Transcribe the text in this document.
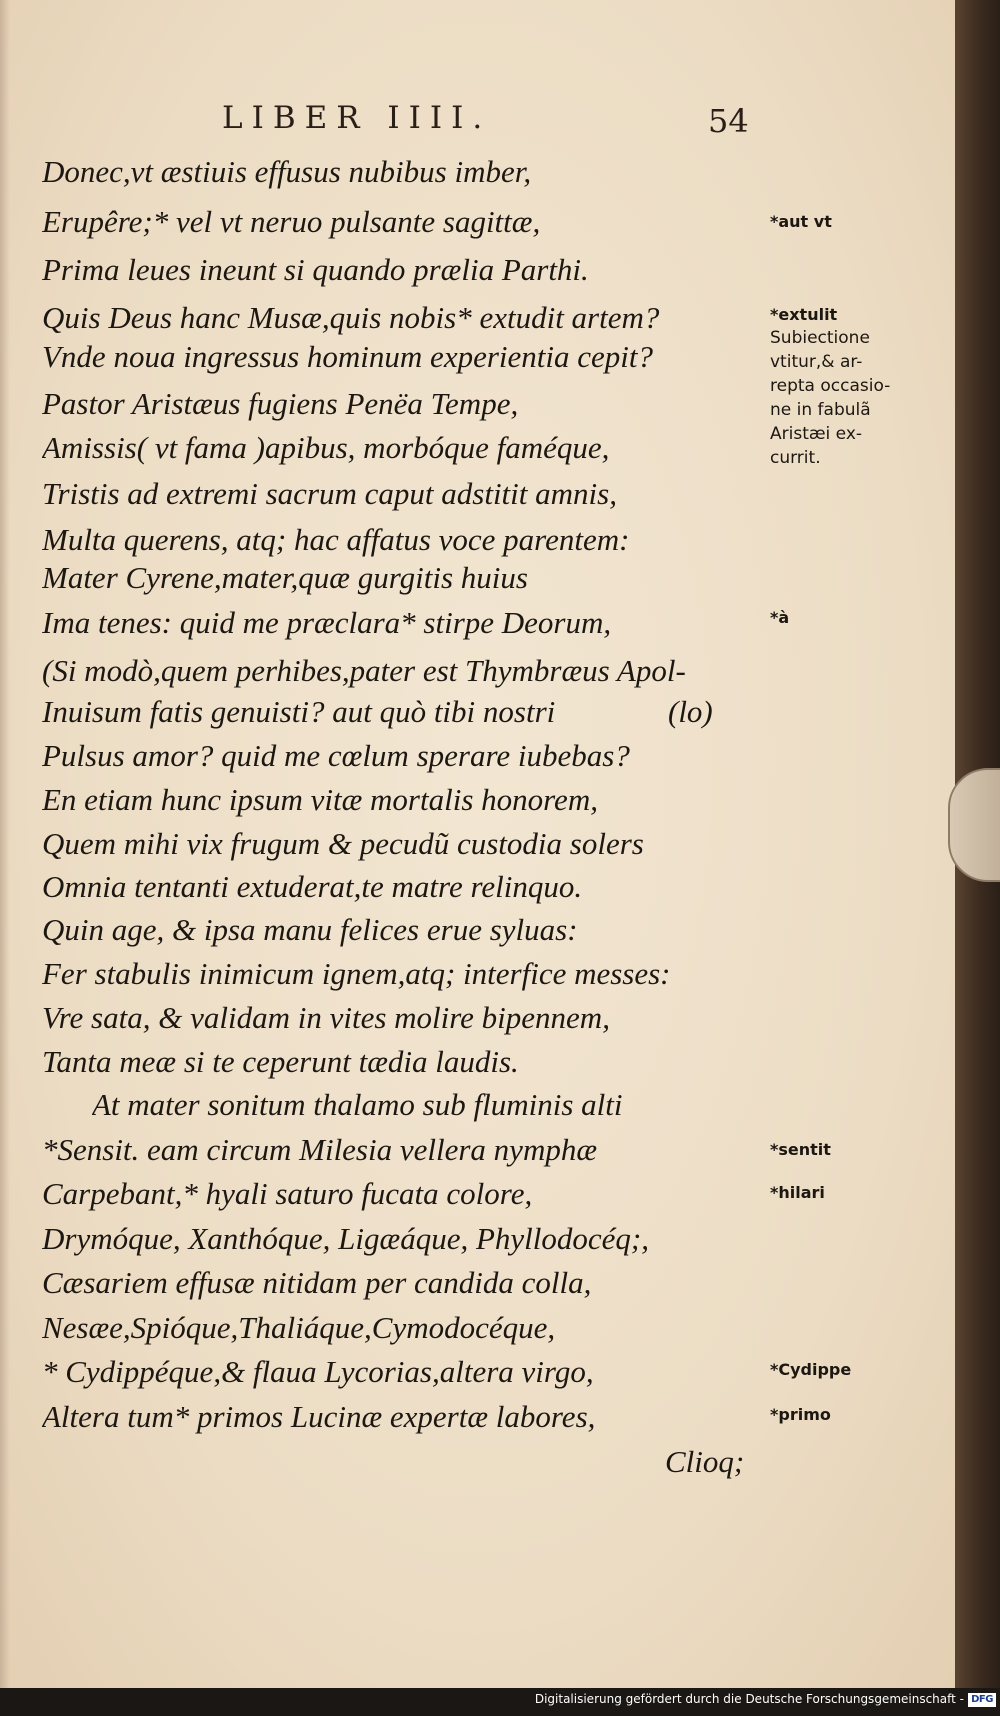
LIBER IIII.	54
Donec,vt æstiuis effusus nubibus imber,
Erupêre;* vel vt neruo pulsante sagittæ,
Prima leues ineunt si quando prælia Parthi.
Quis Deus hanc Musæ,quis nobis* extudit artem?
Vnde noua ingressus hominum experientia cepit?
Pastor Aristæus fugiens Penëa Tempe,
Amissis( vt fama )apibus, morbóque faméque,
Tristis ad extremi sacrum caput adstitit amnis,
Multa querens, atq; hac affatus voce parentem:
Mater Cyrene,mater,quæ gurgitis huius
Ima tenes: quid me præclara* stirpe Deorum,
(Si modò,quem perhibes,pater est Thymbræus Apol-
Inuisum fatis genuisti? aut quò tibi nostri	(lo)
Pulsus amor? quid me cœlum sperare iubebas?
En etiam hunc ipsum vitæ mortalis honorem,
Quem mihi vix frugum & pecudũ custodia solers
Omnia tentanti extuderat,te matre relinquo.
Quin age, & ipsa manu felices erue syluas:
Fer stabulis inimicum ignem,atq; interfice messes:
Vre sata, & validam in vites molire bipennem,
Tanta meæ si te ceperunt tædia laudis.
At mater sonitum thalamo sub fluminis alti
*Sensit. eam circum Milesia vellera nymphæ
Carpebant,* hyali saturo fucata colore,
Drymóque, Xanthóque, Ligæáque, Phyllodocéq;,
Cæsariem effusæ nitidam per candida colla,
Nesæe,Spióque,Thaliáque,Cymodocéque,
* Cydippéque,& flaua Lycorias,altera virgo,
Altera tum* primos Lucinæ expertæ labores,
Clioq;
*aut vt
*extulit
Subiectione
vtitur,& ar-
repta occasio-
ne in fabulã
Aristæi ex-
currit.
*à
*sentit
*hilari
*Cydippe
*primo
Digitalisierung gefördert durch die Deutsche Forschungsgemeinschaft - DFG
